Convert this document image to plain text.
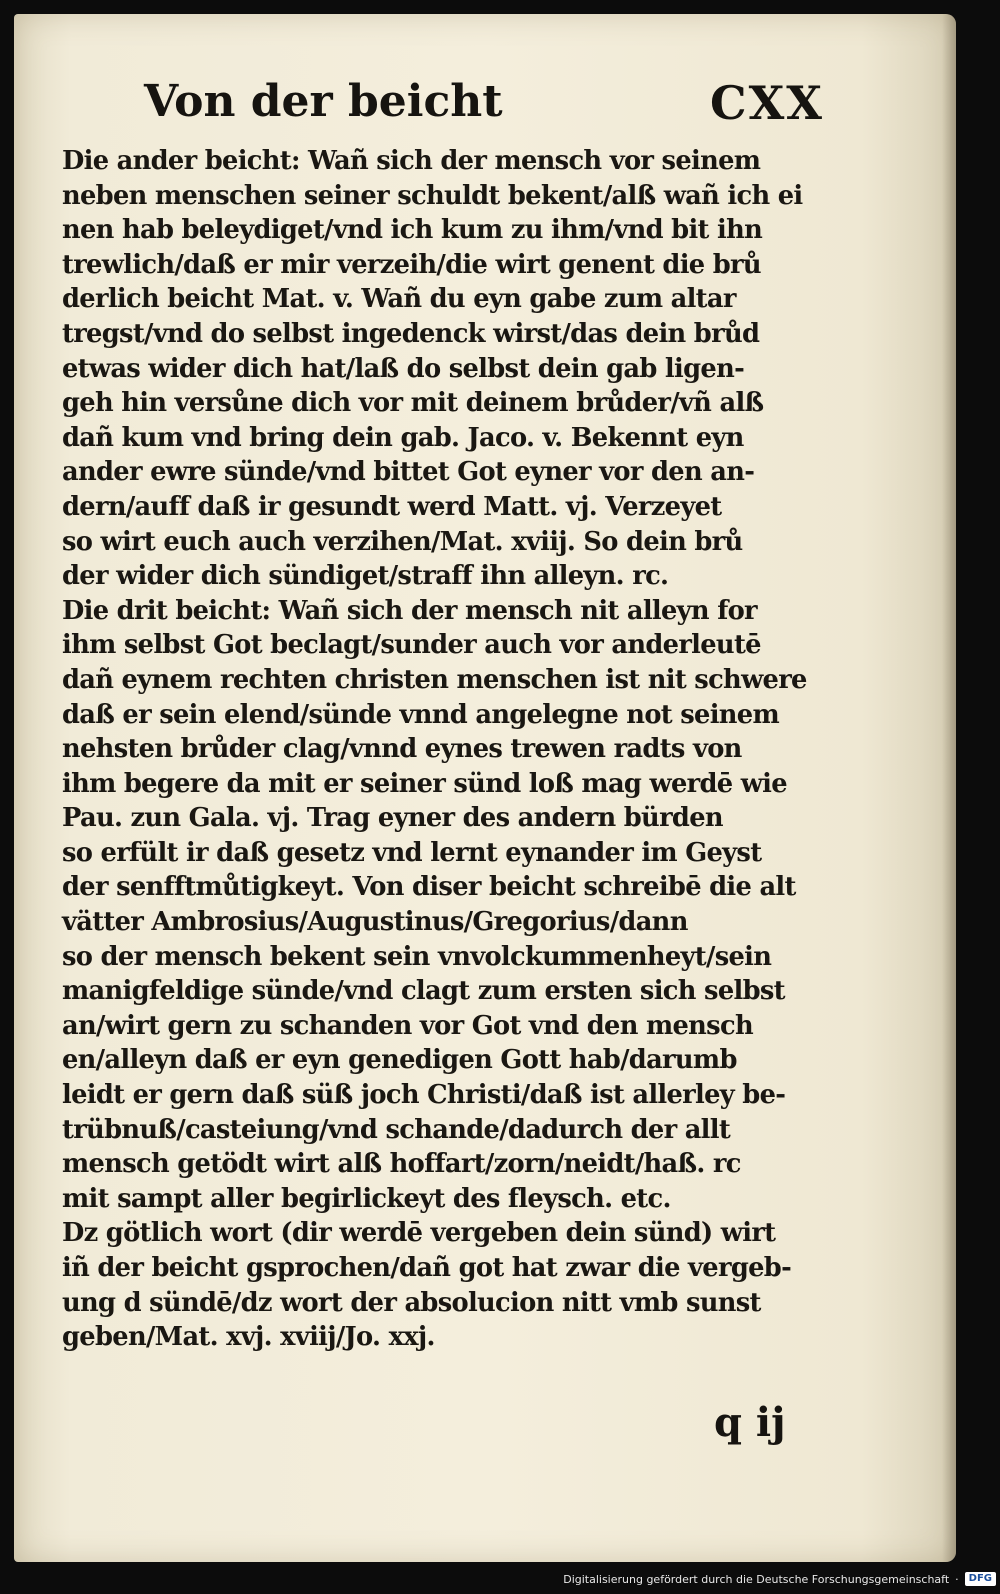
Von der beicht	CXX
Die ander beicht: Wañ sich der mensch vor seinem
neben menschen seiner schuldt bekent/alß wañ ich ei
nen hab beleydiget/vnd ich kum zu ihm/vnd bit ihn
trewlich/daß er mir verzeih/die wirt genent die brů
derlich beicht Mat. v. Wañ du eyn gabe zum altar
tregst/vnd do selbst ingedenck wirst/das dein brůd
etwas wider dich hat/laß do selbst dein gab ligen-
geh hin versůne dich vor mit deinem brůder/vñ alß
dañ kum vnd bring dein gab. Jaco. v. Bekennt eyn
ander ewre sünde/vnd bittet Got eyner vor den an-
dern/auff daß ir gesundt werd Matt. vj. Verzeyet
so wirt euch auch verzihen/Mat. xviij. So dein brů
der wider dich sündiget/straff ihn alleyn. rc.
Die drit beicht: Wañ sich der mensch nit alleyn for
ihm selbst Got beclagt/sunder auch vor anderleutē
dañ eynem rechten christen menschen ist nit schwere
daß er sein elend/sünde vnnd angelegne not seinem
nehsten brůder clag/vnnd eynes trewen radts von
ihm begere da mit er seiner sünd loß mag werdē wie
Pau. zun Gala. vj. Trag eyner des andern bürden
so erfült ir daß gesetz vnd lernt eynander im Geyst
der senfftmůtigkeyt. Von diser beicht schreibē die alt
vätter Ambrosius/Augustinus/Gregorius/dann
so der mensch bekent sein vnvolckummenheyt/sein
manigfeldige sünde/vnd clagt zum ersten sich selbst
an/wirt gern zu schanden vor Got vnd den mensch
en/alleyn daß er eyn genedigen Gott hab/darumb
leidt er gern daß süß joch Christi/daß ist allerley be-
trübnuß/casteiung/vnd schande/dadurch der allt
mensch getödt wirt alß hoffart/zorn/neidt/haß. rc
mit sampt aller begirlickeyt des fleysch. etc.
Dz götlich wort (dir werdē vergeben dein sünd) wirt
iñ der beicht gsprochen/dañ got hat zwar die vergeb-
ung d sündē/dz wort der absolucion nitt vmb sunst
geben/Mat. xvj. xviij/Jo. xxj.
q ij
Digitalisierung gefördert durch die Deutsche Forschungsgemeinschaft ·	DFG
